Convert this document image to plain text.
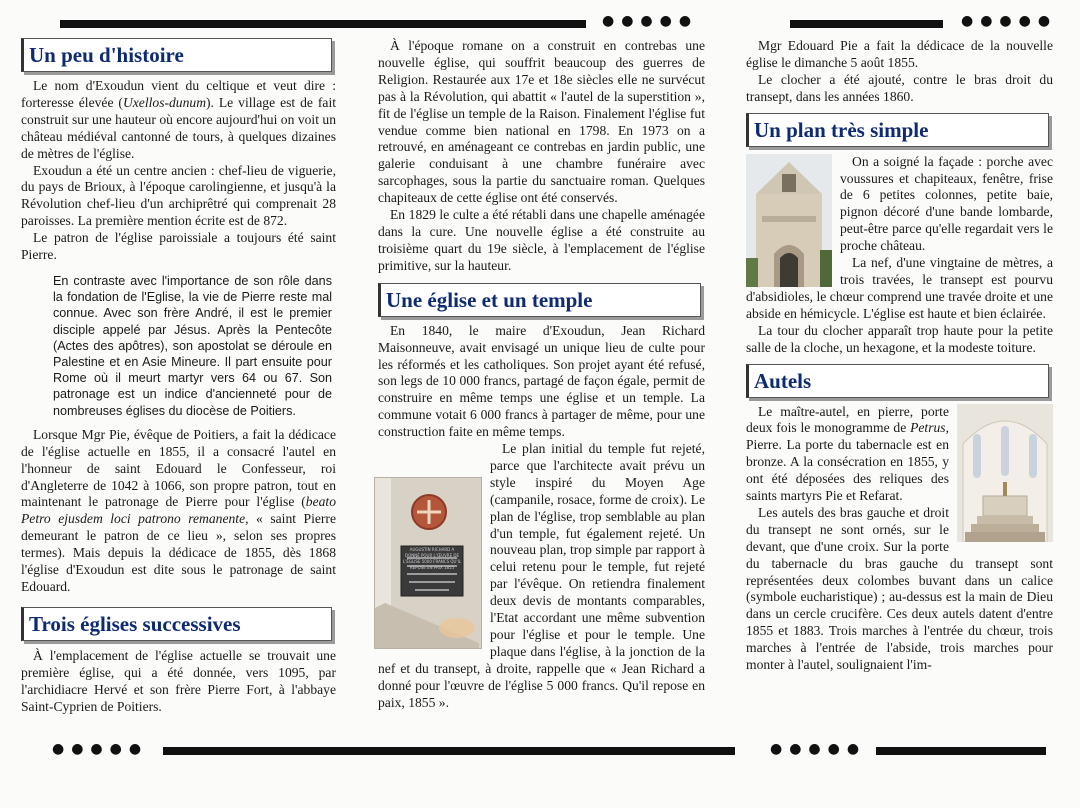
●●●●●	●●●●●
●●●●●	●●●●●
Un peu d'histoire

Le nom d'Exoudun vient du celtique et veut dire : forteresse élevée (Uxellos-dunum). Le village est de fait construit sur une hauteur où encore aujourd'hui on voit un château médiéval cantonné de tours, à quelques dizaines de mètres de l'église.

Exoudun a été un centre ancien : chef-lieu de viguerie, du pays de Brioux, à l'époque carolingienne, et jusqu'à la Révolution chef-lieu d'un archiprêtré qui comprenait 28 paroisses. La première mention écrite est de 872.

Le patron de l'église paroissiale a toujours été saint Pierre.

En contraste avec l'importance de son rôle dans la fondation de l'Eglise, la vie de Pierre reste mal connue. Avec son frère André, il est le premier disciple appelé par Jésus. Après la Pentecôte (Actes des apôtres), son apostolat se déroule en Palestine et en Asie Mineure. Il part ensuite pour Rome où il meurt martyr vers 64 ou 67. Son patronage est un indice d'ancienneté pour de nombreuses églises du diocèse de Poitiers.

Lorsque Mgr Pie, évêque de Poitiers, a fait la dédicace de l'église actuelle en 1855, il a consacré l'autel en l'honneur de saint Edouard le Confesseur, roi d'Angleterre de 1042 à 1066, son propre patron, tout en maintenant le patronage de Pierre pour l'église (beato Petro ejusdem loci patrono remanente, « saint Pierre demeurant le patron de ce lieu », selon ses propres termes). Mais depuis la dédicace de 1855, dès 1868 l'église d'Exoudun est dite sous le patronage de saint Edouard.

Trois églises successives

À l'emplacement de l'église actuelle se trouvait une première église, qui a été donnée, vers 1095, par l'archidiacre Hervé et son frère Pierre Fort, à l'abbaye Saint-Cyprien de Poitiers.

À l'époque romane on a construit en contrebas une nouvelle église, qui souffrit beaucoup des guerres de Religion. Restaurée aux 17e et 18e siècles elle ne survécut pas à la Révolution, qui abattit « l'autel de la superstition », fit de l'église un temple de la Raison. Finalement l'église fut vendue comme bien national en 1798. En 1973 on a retrouvé, en aménageant ce contrebas en jardin public, une galerie conduisant à une chambre funéraire avec sarcophages, sous la partie du sanctuaire roman. Quelques chapiteaux de cette église ont été conservés.

En 1829 le culte a été rétabli dans une chapelle aménagée dans la cure. Une nouvelle église a été construite au troisième quart du 19e siècle, à l'emplacement de l'église primitive, sur la hauteur.

Une église et un temple

En 1840, le maire d'Exoudun, Jean Richard Maisonneuve, avait envisagé un unique lieu de culte pour les réformés et les catholiques. Son projet ayant été refusé, son legs de 10 000 francs, partagé de façon égale, permit de construire en même temps une église et un temple. La commune votait 6 000 francs à partager de même, pour une construction faite en même temps.

AUGUSTIN RICHARD A DONNÉ POUR L'ŒUVRE DE L'ÉGLISE 5000 FRANCS QU'IL REPOSE EN PAIX 1855

Le plan initial du temple fut rejeté, parce que l'architecte avait prévu un style inspiré du Moyen Age (campanile, rosace, forme de croix). Le plan de l'église, trop semblable au plan d'un temple, fut également rejeté. Un nouveau plan, trop simple par rapport à celui retenu pour le temple, fut rejeté par l'évêque. On retiendra finalement deux devis de montants comparables, l'Etat accordant une même subvention pour l'église et pour le temple. Une plaque dans l'église, à la jonction de la nef et du transept, à droite, rappelle que « Jean Richard a donné pour l'œuvre de l'église 5 000 francs. Qu'il repose en paix, 1855 ».

Mgr Edouard Pie a fait la dédicace de la nouvelle église le dimanche 5 août 1855.

Le clocher a été ajouté, contre le bras droit du transept, dans les années 1860.

Un plan très simple

On a soigné la façade : porche avec voussures et chapiteaux, fenêtre, frise de 6 petites colonnes, petite baie, pignon décoré d'une bande lombarde, peut-être parce qu'elle regardait vers le proche château.

La nef, d'une vingtaine de mètres, a trois travées, le transept est pourvu d'absidioles, le chœur comprend une travée droite et une abside en hémicycle. L'église est haute et bien éclairée.

La tour du clocher apparaît trop haute pour la petite salle de la cloche, un hexagone, et la modeste toiture.

Autels

Le maître-autel, en pierre, porte deux fois le monogramme de Petrus, Pierre. La porte du tabernacle est en bronze. A la consécration en 1855, y ont été déposées des reliques des saints martyrs Pie et Refarat.

Les autels des bras gauche et droit du transept ne sont ornés, sur le devant, que d'une croix. Sur la porte du tabernacle du bras gauche du transept sont représentées deux colombes buvant dans un calice (symbole eucharistique) ; au-dessus est la main de Dieu dans un cercle crucifère. Ces deux autels datent d'entre 1855 et 1883. Trois marches à l'entrée du chœur, trois marches à l'entrée de l'abside, trois marches pour monter à l'autel, soulignaient l'im-
